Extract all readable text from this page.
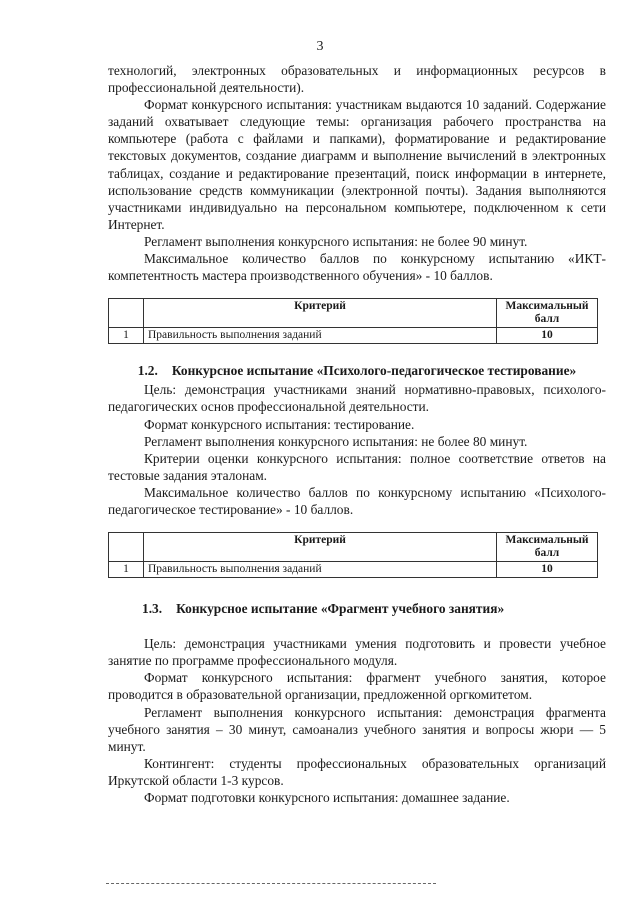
3

технологий, электронных образовательных и информационных ресурсов в профессиональной деятельности).

Формат конкурсного испытания: участникам выдаются 10 заданий. Содержание заданий охватывает следующие темы: организация рабочего пространства на компьютере (работа с файлами и папками), форматирование и редактирование текстовых документов, создание диаграмм и выполнение вычислений в электронных таблицах, создание и редактирование презентаций, поиск информации в интернете, использование средств коммуникации (электронной почты). Задания выполняются участниками индивидуально на персональном компьютере, подключенном к сети Интернет.

Регламент выполнения конкурсного испытания: не более 90 минут.

Максимальное количество баллов по конкурсному испытанию «ИКТ-компетентность мастера производственного обучения» - 10 баллов.

	Критерий	Максимальный балл
1	Правильность выполнения заданий	10
1.2. Конкурсное испытание «Психолого-педагогическое тестирование»

Цель: демонстрация участниками знаний нормативно-правовых, психолого-педагогических основ профессиональной деятельности.

Формат конкурсного испытания: тестирование.

Регламент выполнения конкурсного испытания: не более 80 минут.

Критерии оценки конкурсного испытания: полное соответствие ответов на тестовые задания эталонам.

Максимальное количество баллов по конкурсному испытанию «Психолого-педагогическое тестирование» - 10 баллов.

	Критерий	Максимальный балл
1	Правильность выполнения заданий	10
1.3. Конкурсное испытание «Фрагмент учебного занятия»

Цель: демонстрация участниками умения подготовить и провести учебное занятие по программе профессионального модуля.

Формат конкурсного испытания: фрагмент учебного занятия, которое проводится в образовательной организации, предложенной оргкомитетом.

Регламент выполнения конкурсного испытания: демонстрация фрагмента учебного занятия – 30 минут, самоанализ учебного занятия и вопросы жюри — 5 минут.

Контингент: студенты профессиональных образовательных организаций Иркутской области 1-3 курсов.

Формат подготовки конкурсного испытания: домашнее задание.
